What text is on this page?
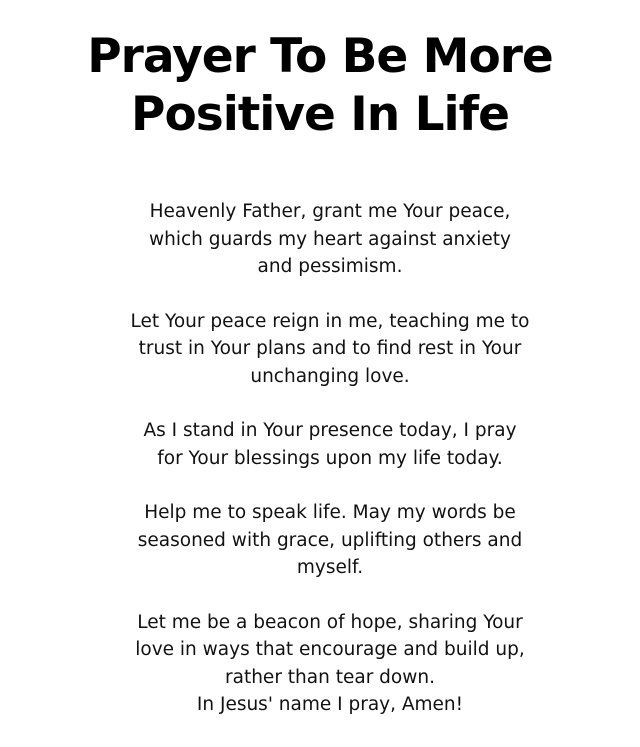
Prayer To Be More
Positive In Life

Heavenly Father, grant me Your peace,
which guards my heart against anxiety
and pessimism.

Let Your peace reign in me, teaching me to
trust in Your plans and to find rest in Your
unchanging love.

As I stand in Your presence today, I pray
for Your blessings upon my life today.

Help me to speak life. May my words be
seasoned with grace, uplifting others and
myself.

Let me be a beacon of hope, sharing Your
love in ways that encourage and build up,
rather than tear down.
In Jesus' name I pray, Amen!
